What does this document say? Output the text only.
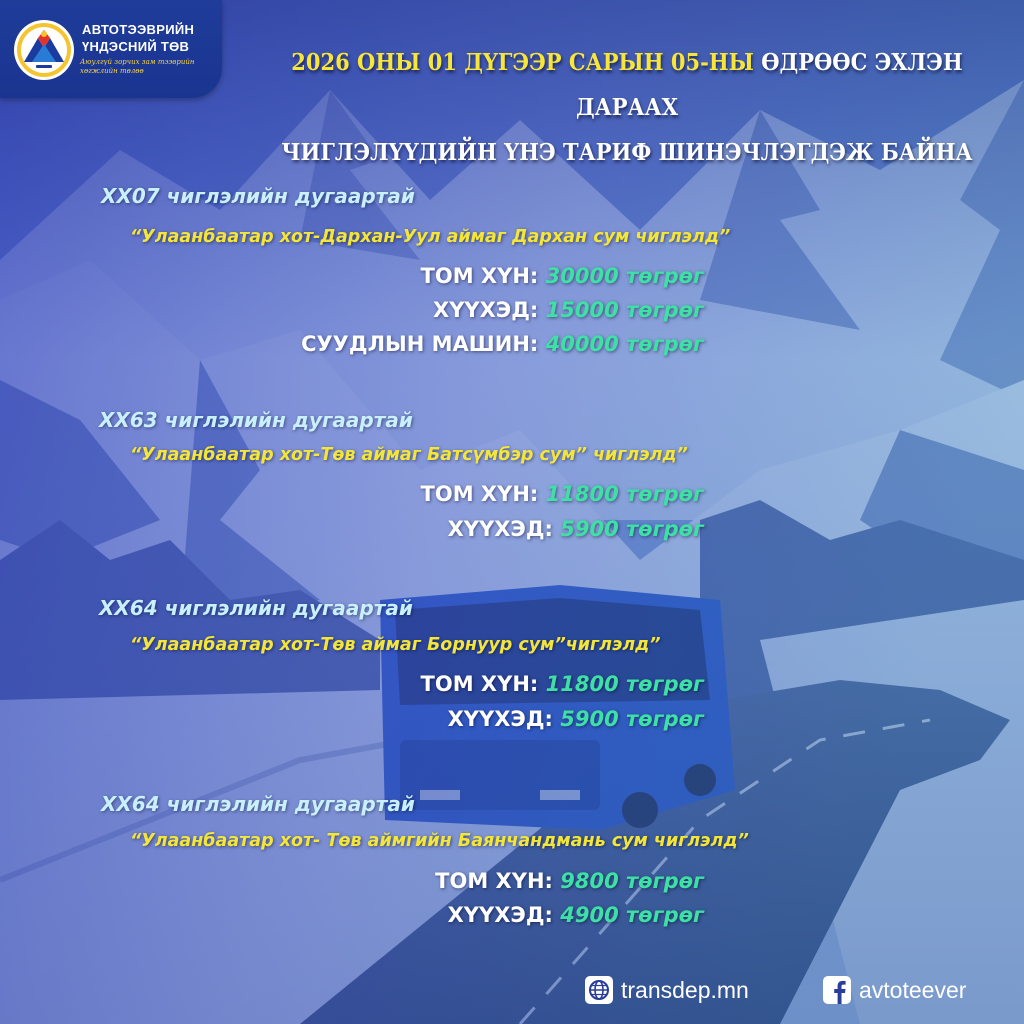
АВТОТЭЭВРИЙН
ҮНДЭСНИЙ ТӨВ
Аюулгүй зорчих зам тээврийн хөгжлийн төлөө	2026 ОНЫ 01 ДҮГЭЭР САРЫН 05-НЫ ӨДРӨӨС ЭХЛЭН ДАРААХ
ЧИГЛЭЛҮҮДИЙН ҮНЭ ТАРИФ ШИНЭЧЛЭГДЭЖ БАЙНА
ХХ07 чиглэлийн дугаартай
“Улаанбаатар хот-Дархан-Уул аймаг Дархан сум чиглэлд”
ТОМ ХҮН: 30000 төгрөг
ХҮҮХЭД: 15000 төгрөг
СУУДЛЫН МАШИН: 40000 төгрөг
ХХ63 чиглэлийн дугаартай
“Улаанбаатар хот-Төв аймаг Батсүмбэр сум” чиглэлд”
ТОМ ХҮН: 11800 төгрөг
ХҮҮХЭД: 5900 төгрөг
ХХ64 чиглэлийн дугаартай
“Улаанбаатар хот-Төв аймаг Борнуур сум”чиглэлд”
ТОМ ХҮН: 11800 төгрөг
ХҮҮХЭД: 5900 төгрөг
ХХ64 чиглэлийн дугаартай
“Улаанбаатар хот- Төв аймгийн Баянчандмань сум чиглэлд”
ТОМ ХҮН: 9800 төгрөг
ХҮҮХЭД: 4900 төгрөг
transdep.mn	avtoteever
